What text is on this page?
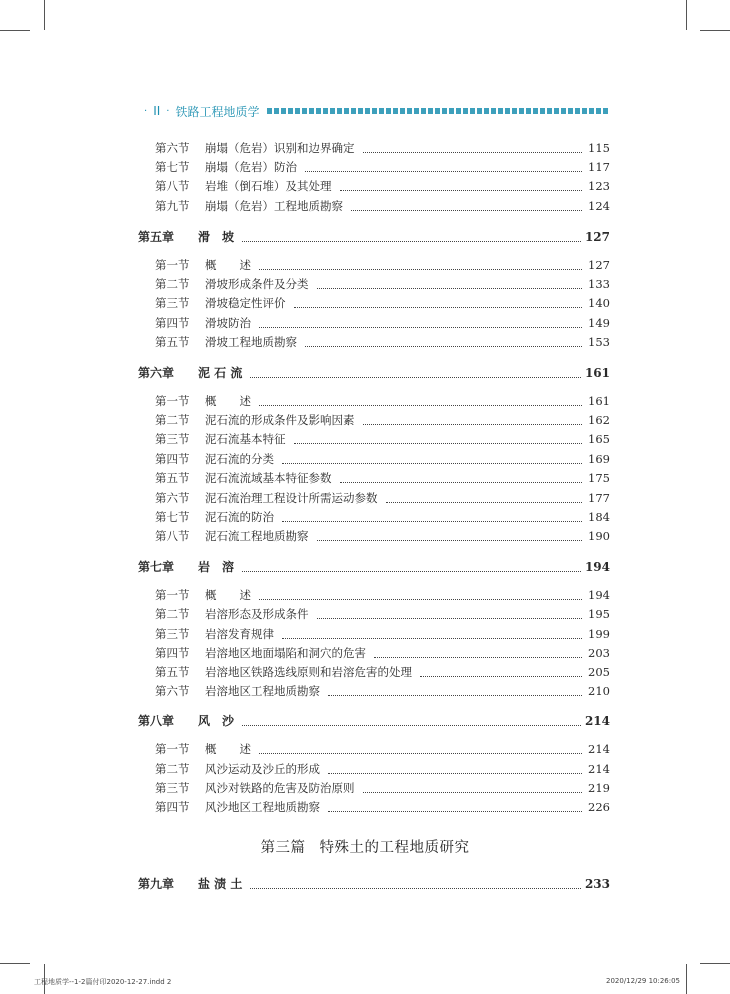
· II · 铁路工程地质学
第六节	崩塌（危岩）识别和边界确定	115
第七节	崩塌（危岩）防治	117
第八节	岩堆（倒石堆）及其处理	123
第九节	崩塌（危岩）工程地质勘察	124
第五章	滑　坡	127
第一节	概　　述	127
第二节	滑坡形成条件及分类	133
第三节	滑坡稳定性评价	140
第四节	滑坡防治	149
第五节	滑坡工程地质勘察	153
第六章	泥 石 流	161
第一节	概　　述	161
第二节	泥石流的形成条件及影响因素	162
第三节	泥石流基本特征	165
第四节	泥石流的分类	169
第五节	泥石流流域基本特征参数	175
第六节	泥石流治理工程设计所需运动参数	177
第七节	泥石流的防治	184
第八节	泥石流工程地质勘察	190
第七章	岩　溶	194
第一节	概　　述	194
第二节	岩溶形态及形成条件	195
第三节	岩溶发育规律	199
第四节	岩溶地区地面塌陷和洞穴的危害	203
第五节	岩溶地区铁路选线原则和岩溶危害的处理	205
第六节	岩溶地区工程地质勘察	210
第八章	风　沙	214
第一节	概　　述	214
第二节	风沙运动及沙丘的形成	214
第三节	风沙对铁路的危害及防治原则	219
第四节	风沙地区工程地质勘察	226
第三篇 特殊土的工程地质研究
第九章	盐 渍 土	233
工程地质学--1-2篇付印2020-12-27.indd 2	2020/12/29 10:26:05
